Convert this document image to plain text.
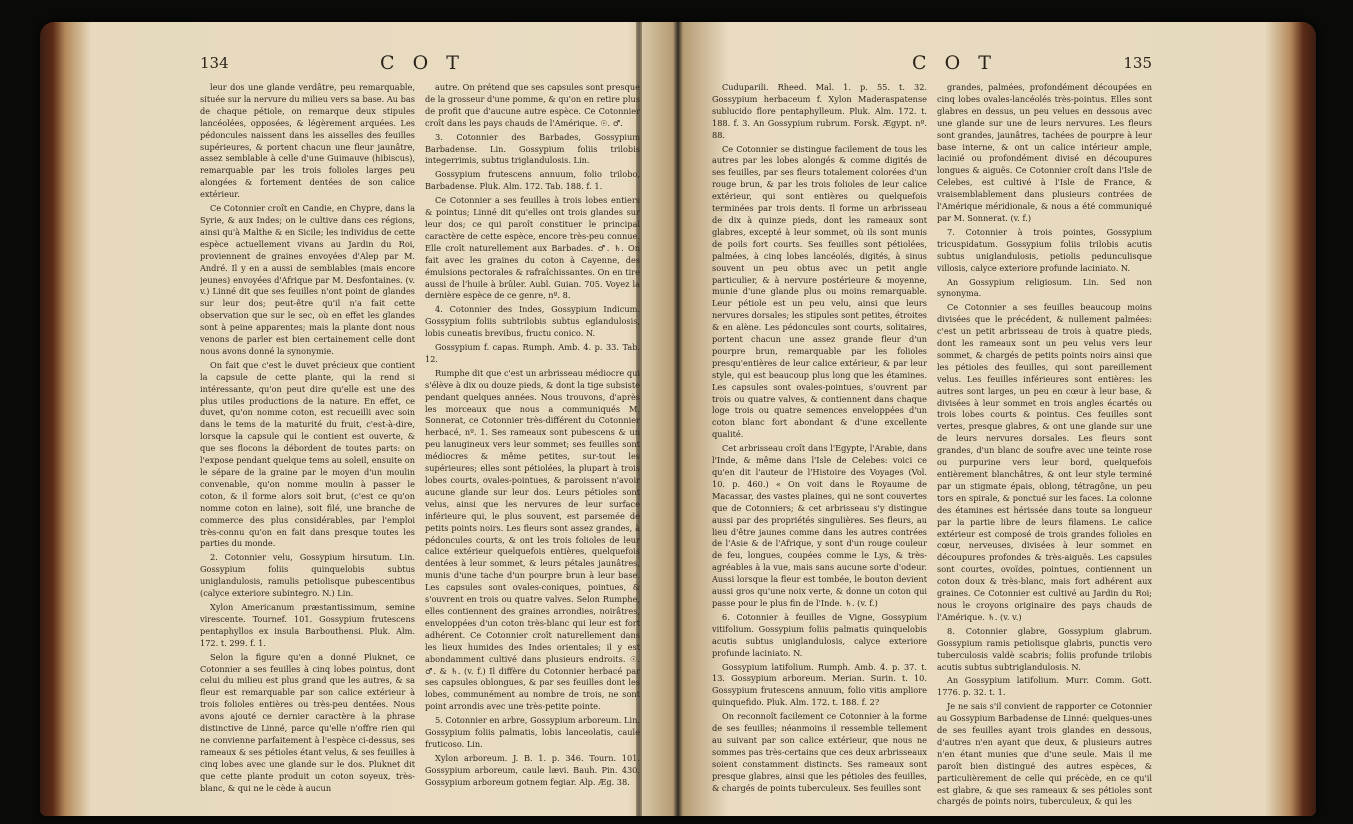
134	C O T

leur dos une glande verdâtre, peu remarquable, située sur la nervure du milieu vers sa base. Au bas de chaque pétiole, on remarque deux stipules lancéolées, opposées, & légèrement arquées. Les pédoncules naissent dans les aisselles des feuilles supérieures, & portent chacun une fleur jaunâtre, assez semblable à celle d'une Guimauve (hibiscus), remarquable par les trois folioles larges peu alongées & fortement dentées de son calice extérieur.

Ce Cotonnier croît en Candie, en Chypre, dans la Syrie, & aux Indes; on le cultive dans ces régions, ainsi qu'à Malthe & en Sicile; les individus de cette espèce actuellement vivans au Jardin du Roi, proviennent de graines envoyées d'Alep par M. André. Il y en a aussi de semblables (mais encore jeunes) envoyées d'Afrique par M. Desfontaines. (v. v.) Linné dit que ses feuilles n'ont point de glandes sur leur dos; peut-être qu'il n'a fait cette observation que sur le sec, où en effet les glandes sont à peine apparentes; mais la plante dont nous venons de parler est bien certainement celle dont nous avons donné la synonymie.

On fait que c'est le duvet précieux que contient la capsule de cette plante, qui la rend si intéressante, qu'on peut dire qu'elle est une des plus utiles productions de la nature. En effet, ce duvet, qu'on nomme coton, est recueilli avec soin dans le tems de la maturité du fruit, c'est-à-dire, lorsque la capsule qui le contient est ouverte, & que ses flocons la débordent de toutes parts: on l'expose pendant quelque tems au soleil, ensuite on le sépare de la graine par le moyen d'un moulin convenable, qu'on nomme moulin à passer le coton, & il forme alors soit brut, (c'est ce qu'on nomme coton en laine), soit filé, une branche de commerce des plus considérables, par l'emploi très-connu qu'on en fait dans presque toutes les parties du monde.

2. Cotonnier velu, Gossypium hirsutum. Lin. Gossypium foliis quinquelobis subtus uniglandulosis, ramulis petiolisque pubescentibus (calyce exteriore subintegro. N.) Lin.

Xylon Americanum præstantissimum, semine virescente. Tournef. 101. Gossypium frutescens pentaphyllos ex insula Barbouthensi. Pluk. Alm. 172. t. 299. f. 1.

Selon la figure qu'en a donné Pluknet, ce Cotonnier a ses feuilles à cinq lobes pointus, dont celui du milieu est plus grand que les autres, & sa fleur est remarquable par son calice extérieur à trois folioles entières ou très-peu dentées. Nous avons ajouté ce dernier caractère à la phrase distinctive de Linné, parce qu'elle n'offre rien qui ne convienne parfaitement à l'espèce ci-dessus, ses rameaux & ses pétioles étant velus, & ses feuilles à cinq lobes avec une glande sur le dos. Pluknet dit que cette plante produit un coton soyeux, très-blanc, & qui ne le cède à aucun

autre. On prétend que ses capsules sont presque de la grosseur d'une pomme, & qu'on en retire plus de profit que d'aucune autre espèce. Ce Cotonnier croît dans les pays chauds de l'Amérique. ☉. ♂.

3. Cotonnier des Barbades, Gossypium Barbadense. Lin. Gossypium foliis trilobis integerrimis, subtus triglandulosis. Lin.

Gossypium frutescens annuum, folio trilobo, Barbadense. Pluk. Alm. 172. Tab. 188. f. 1.

Ce Cotonnier a ses feuilles à trois lobes entiers & pointus; Linné dit qu'elles ont trois glandes sur leur dos; ce qui paroît constituer le principal caractère de cette espèce, encore très-peu connue. Elle croît naturellement aux Barbades. ♂. ♄. On fait avec les graines du coton à Cayenne, des émulsions pectorales & rafraîchissantes. On en tire aussi de l'huile à brûler. Aubl. Guian. 705. Voyez la dernière espèce de ce genre, nº. 8.

4. Cotonnier des Indes, Gossypium Indicum. Gossypium foliis subtrilobis subtus eglandulosis, lobis cuneatis brevibus, fructu conico. N.

Gossypium f. capas. Rumph. Amb. 4. p. 33. Tab. 12.

Rumphe dit que c'est un arbrisseau médiocre qui s'élève à dix ou douze pieds, & dont la tige subsiste pendant quelques années. Nous trouvons, d'après les morceaux que nous a communiqués M. Sonnerat, ce Cotonnier très-différent du Cotonnier herbacé, nº. 1. Ses rameaux sont pubescens & un peu lanugineux vers leur sommet; ses feuilles sont médiocres & même petites, sur-tout les supérieures; elles sont pétiolées, la plupart à trois lobes courts, ovales-pointues, & paroissent n'avoir aucune glande sur leur dos. Leurs pétioles sont velus, ainsi que les nervures de leur surface inférieure qui, le plus souvent, est parsemée de petits points noirs. Les fleurs sont assez grandes, à pédoncules courts, & ont les trois folioles de leur calice extérieur quelquefois entières, quelquefois dentées à leur sommet, & leurs pétales jaunâtres, munis d'une tache d'un pourpre brun à leur base. Les capsules sont ovales-coniques, pointues, & s'ouvrent en trois ou quatre valves. Selon Rumphe, elles contiennent des graines arrondies, noirâtres, enveloppées d'un coton très-blanc qui leur est fort adhérent. Ce Cotonnier croît naturellement dans les lieux humides des Indes orientales; il y est abondamment cultivé dans plusieurs endroits. ☉. ♂. & ♄. (v. f.) Il diffère du Cotonnier herbacé par ses capsules oblongues, & par ses feuilles dont les lobes, communément au nombre de trois, ne sont point arrondis avec une très-petite pointe.

5. Cotonnier en arbre, Gossypium arboreum. Lin. Gossypium foliis palmatis, lobis lanceolatis, caule fruticoso. Lin.

Xylon arboreum. J. B. 1. p. 346. Tourn. 101. Gossypium arboreum, caule lævi. Bauh. Pin. 430. Gossypium arboreum gotnem fegiar. Alp. Æg. 38.

C O T	135

Cuduparili. Rheed. Mal. 1. p. 55. t. 32. Gossypium herbaceum f. Xylon Maderaspatense sublucido flore pentaphylleum. Pluk. Alm. 172. t. 188. f. 3. An Gossypium rubrum. Forsk. Ægypt. nº. 88.

Ce Cotonnier se distingue facilement de tous les autres par les lobes alongés & comme digités de ses feuilles, par ses fleurs totalement colorées d'un rouge brun, & par les trois folioles de leur calice extérieur, qui sont entières ou quelquefois terminées par trois dents. Il forme un arbrisseau de dix à quinze pieds, dont les rameaux sont glabres, excepté à leur sommet, où ils sont munis de poils fort courts. Ses feuilles sont pétiolées, palmées, à cinq lobes lancéolés, digités, à sinus souvent un peu obtus avec un petit angle particulier, & à nervure postérieure & moyenne, munie d'une glande plus ou moins remarquable. Leur pétiole est un peu velu, ainsi que leurs nervures dorsales; les stipules sont petites, étroites & en alène. Les pédoncules sont courts, solitaires, portent chacun une assez grande fleur d'un pourpre brun, remarquable par les folioles presqu'entières de leur calice extérieur, & par leur style, qui est beaucoup plus long que les étamines. Les capsules sont ovales-pointues, s'ouvrent par trois ou quatre valves, & contiennent dans chaque loge trois ou quatre semences enveloppées d'un coton blanc fort abondant & d'une excellente qualité.

Cet arbrisseau croît dans l'Egypte, l'Arabie, dans l'Inde, & même dans l'Isle de Celebes: voici ce qu'en dit l'auteur de l'Histoire des Voyages (Vol. 10. p. 460.) « On voit dans le Royaume de Macassar, des vastes plaines, qui ne sont couvertes que de Cotonniers; & cet arbrisseau s'y distingue aussi par des propriétés singulières. Ses fleurs, au lieu d'être jaunes comme dans les autres contrées de l'Asie & de l'Afrique, y sont d'un rouge couleur de feu, longues, coupées comme le Lys, & très-agréables à la vue, mais sans aucune sorte d'odeur. Aussi lorsque la fleur est tombée, le bouton devient aussi gros qu'une noix verte, & donne un coton qui passe pour le plus fin de l'Inde. ♄. (v. f.)

6. Cotonnier à feuilles de Vigne, Gossypium vitifolium. Gossypium foliis palmatis quinquelobis acutis subtus uniglandulosis, calyce exteriore profunde laciniato. N.

Gossypium latifolium. Rumph. Amb. 4. p. 37. t. 13. Gossypium arboreum. Merian. Surin. t. 10. Gossypium frutescens annuum, folio vitis ampliore quinquefido. Pluk. Alm. 172. t. 188. f. 2?

On reconnoît facilement ce Cotonnier à la forme de ses feuilles; néanmoins il ressemble tellement au suivant par son calice extérieur, que nous ne sommes pas très-certains que ces deux arbrisseaux soient constamment distincts. Ses rameaux sont presque glabres, ainsi que les pétioles des feuilles, & chargés de points tuberculeux. Ses feuilles sont

grandes, palmées, profondément découpées en cinq lobes ovales-lancéolés très-pointus. Elles sont glabres en dessus, un peu velues en dessous avec une glande sur une de leurs nervures. Les fleurs sont grandes, jaunâtres, tachées de pourpre à leur base interne, & ont un calice intérieur ample, lacinié ou profondément divisé en découpures longues & aiguës. Ce Cotonnier croît dans l'Isle de Celebes, est cultivé à l'Isle de France, & vraisemblablement dans plusieurs contrées de l'Amérique méridionale, & nous a été communiqué par M. Sonnerat. (v. f.)

7. Cotonnier à trois pointes, Gossypium tricuspidatum. Gossypium foliis trilobis acutis subtus uniglandulosis, petiolis pedunculisque villosis, calyce exteriore profunde laciniato. N.

An Gossypium religiosum. Lin. Sed non synonyma.

Ce Cotonnier a ses feuilles beaucoup moins divisées que le précédent, & nullement palmées: c'est un petit arbrisseau de trois à quatre pieds, dont les rameaux sont un peu velus vers leur sommet, & chargés de petits points noirs ainsi que les pétioles des feuilles, qui sont pareillement velus. Les feuilles inférieures sont entières: les autres sont larges, un peu en cœur à leur base, & divisées à leur sommet en trois angles écartés ou trois lobes courts & pointus. Ces feuilles sont vertes, presque glabres, & ont une glande sur une de leurs nervures dorsales. Les fleurs sont grandes, d'un blanc de soufre avec une teinte rose ou purpurine vers leur bord, quelquefois entièrement blanchâtres, & ont leur style terminé par un stigmate épais, oblong, tétragône, un peu tors en spirale, & ponctué sur les faces. La colonne des étamines est hérissée dans toute sa longueur par la partie libre de leurs filamens. Le calice extérieur est composé de trois grandes folioles en cœur, nerveuses, divisées à leur sommet en découpures profondes & très-aiguës. Les capsules sont courtes, ovoïdes, pointues, contiennent un coton doux & très-blanc, mais fort adhérent aux graines. Ce Cotonnier est cultivé au Jardin du Roi; nous le croyons originaire des pays chauds de l'Amérique. ♄. (v. v.)

8. Cotonnier glabre, Gossypium glabrum. Gossypium ramis petiolisque glabris, punctis vero tuberculosis valdè scabris; foliis profunde trilobis acutis subtus subtriglandulosis. N.

An Gossypium latifolium. Murr. Comm. Gott. 1776. p. 32. t. 1.

Je ne sais s'il convient de rapporter ce Cotonnier au Gossypium Barbadense de Linné: quelques-unes de ses feuilles ayant trois glandes en dessous, d'autres n'en ayant que deux, & plusieurs autres n'en étant munies que d'une seule. Mais il me paroît bien distingué des autres espèces, & particulièrement de celle qui précède, en ce qu'il est glabre, & que ses rameaux & ses pétioles sont chargés de points noirs, tuberculeux, & qui les
